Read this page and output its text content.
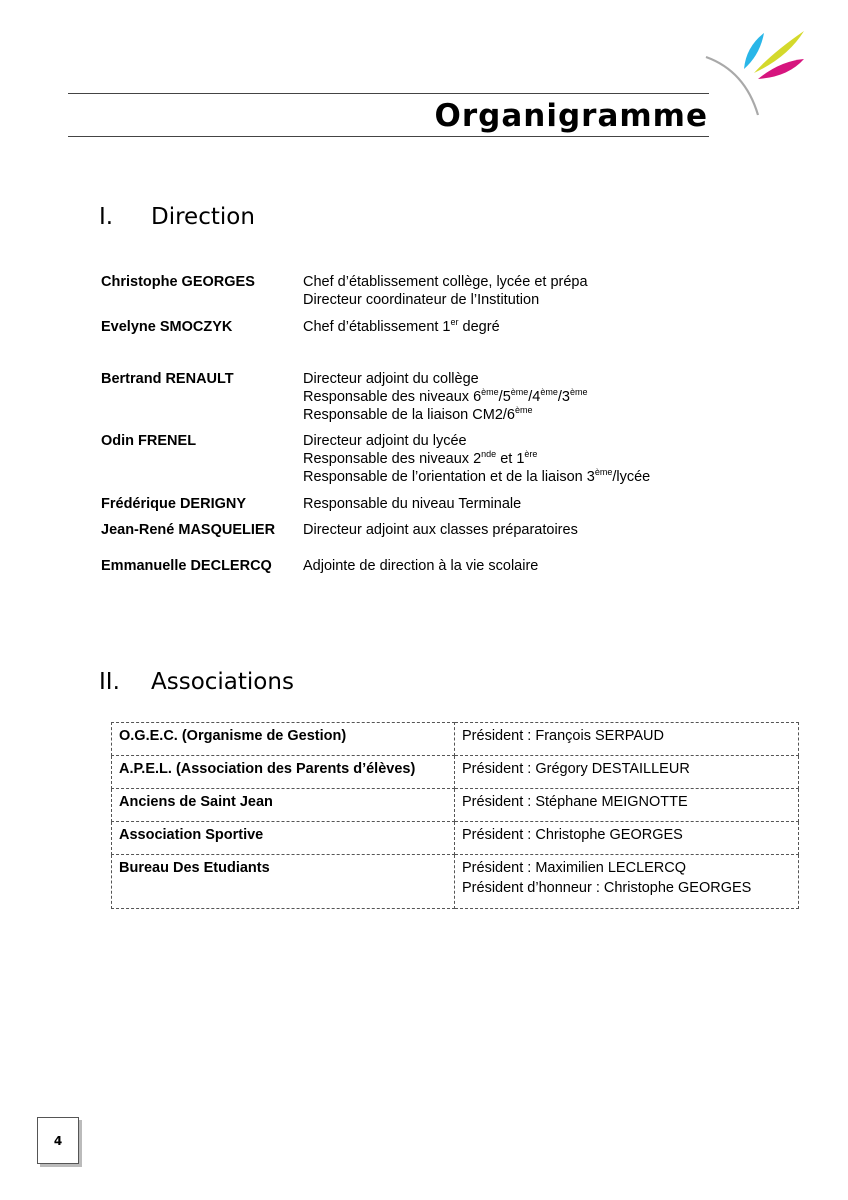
Organigramme
I. Direction
Christophe GEORGES	Chef d’établissement collège, lycée et prépa
Directeur coordinateur de l’Institution
Evelyne SMOCZYK	Chef d’établissement 1er degré
Bertrand RENAULT	Directeur adjoint du collège
Responsable des niveaux 6ème/5ème/4ème/3ème
Responsable de la liaison CM2/6ème
Odin FRENEL	Directeur adjoint du lycée
Responsable des niveaux 2nde et 1ère
Responsable de l’orientation et de la liaison 3ème/lycée
Frédérique DERIGNY	Responsable du niveau Terminale
Jean-René MASQUELIER Directeur adjoint aux classes préparatoires
Emmanuelle DECLERCQ Adjointe de direction à la vie scolaire
II. Associations
O.G.E.C. (Organisme de Gestion)	Président : François SERPAUD

A.P.E.L. (Association des Parents d’élèves)	Président : Grégory DESTAILLEUR

Anciens de Saint Jean	Président : Stéphane MEIGNOTTE

Association Sportive	Président : Christophe GEORGES

Bureau Des Etudiants	Président : Maximilien LECLERCQ
Président d’honneur : Christophe GEORGES
4
